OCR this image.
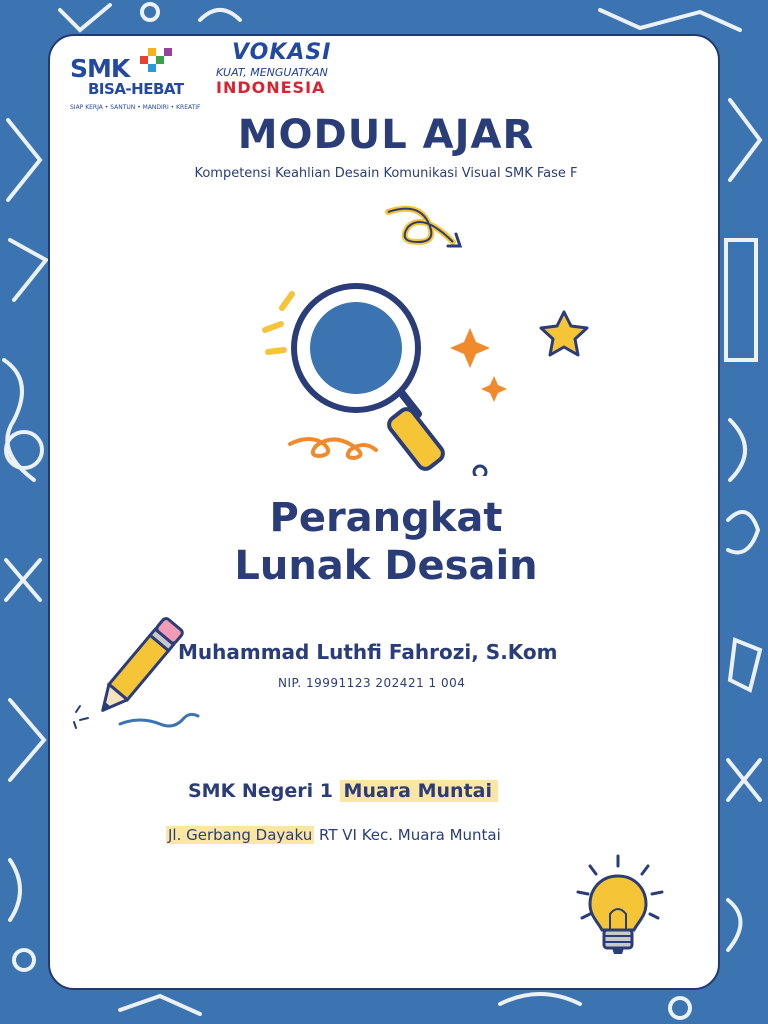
SMK
BISA-HEBAT
SIAP KERJA • SANTUN • MANDIRI • KREATIF
VOKASI
KUAT, MENGUATKAN
INDONESIA
MODUL AJAR
Kompetensi Keahlian Desain Komunikasi Visual SMK Fase F
Perangkat
Lunak Desain
Muhammad Luthfi Fahrozi, S.Kom
NIP. 19991123 202421 1 004
SMK Negeri 1 Muara Muntai
Jl. Gerbang Dayaku RT VI Kec. Muara Muntai
